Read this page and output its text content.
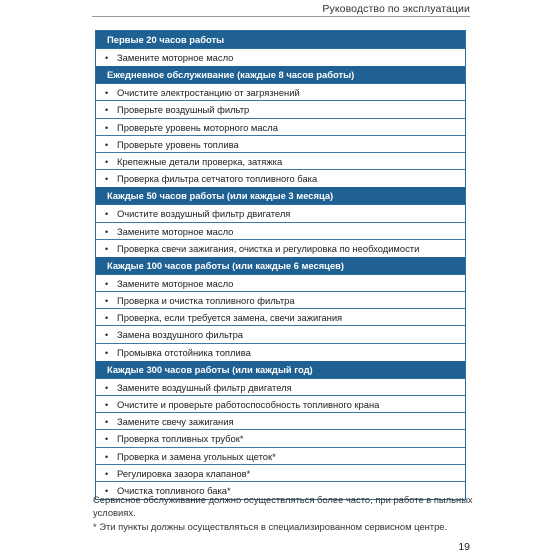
Руководство по эксплуатации
Первые 20 часов работы
• Замените моторное масло
Ежедневное обслуживание (каждые 8 часов работы)
• Очистите электростанцию от загрязнений
• Проверьте воздушный фильтр
• Проверьте уровень моторного масла
• Проверьте уровень топлива
• Крепежные детали проверка, затяжка
• Проверка фильтра сетчатого топливного бака
Каждые 50 часов работы (или каждые 3 месяца)
• Очистите воздушный фильтр двигателя
• Замените моторное масло
• Проверка свечи зажигания, очистка и регулировка по необходимости
Каждые 100 часов работы (или каждые 6 месяцев)
• Замените моторное масло
• Проверка и очистка топливного фильтра
• Проверка, если требуется замена, свечи зажигания
• Замена воздушного фильтра
• Промывка отстойника топлива
Каждые 300 часов работы (или каждый год)
• Замените воздушный фильтр двигателя
• Очистите и проверьте работоспособность топливного крана
• Замените свечу зажигания
• Проверка топливных трубок*
• Проверка и замена угольных щеток*
• Регулировка зазора клапанов*
• Очистка топливного бака*
Сервисное обслуживание должно осуществляться более часто, при работе в пыльных условиях.
* Эти пункты должны осуществляться в специализированном сервисном центре.
19
